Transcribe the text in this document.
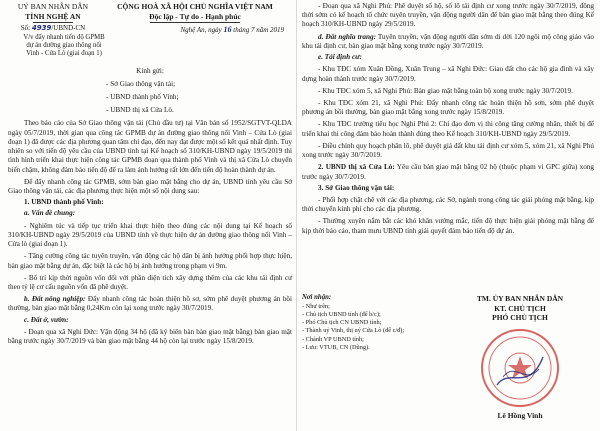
UỶ BAN NHÂN DÂN
TỈNH NGHỆ AN
Số: 4939/UBND-CN
V/v đẩy nhanh tiến độ GPMB
dự án đường giao thông nối
Vinh - Cửa Lò (giai đoạn 1)
CỘNG HOÀ XÃ HỘI CHỦ NGHĨA VIỆT NAM
Độc lập - Tự do - Hạnh phúc
Nghệ An, ngày 16 tháng 7 năm 2019
Kính gửi:

- Sở Giao thông vận tải;

- UBND thành phố Vinh;

- UBND thị xã Cửa Lò.

Theo báo cáo của Sở Giao thông vận tải (Chủ đầu tư) tại Văn bản số 1952/SGTVT-QLDA ngày 05/7/2019, thời gian qua công tác GPMB dự án đường giao thông nối Vinh – Cửa Lò (giai đoạn 1) đã được các địa phương quan tâm chỉ đạo, đến nay đạt được một số kết quả nhất định. Tuy nhiên so với tiến độ yêu cầu của UBND tỉnh tại Kế hoạch số 310/KH-UBND ngày 19/5/2019 thì tình hình triển khai thực hiện công tác GPMB đoạn qua thành phố Vinh và thị xã Cửa Lò chuyển biến chậm, không đảm bảo tiến độ để ra làm ảnh hưởng rất lớn đến tiến độ hoàn thành dự án.

Để đẩy nhanh công tác GPMB, sớm bàn giao mặt bằng cho dự án, UBND tỉnh yêu cầu Sở Giao thông vận tải, các địa phương thực hiện một số nội dung sau:

1. UBND thành phố Vinh:

a. Vấn đề chung:

- Nghiêm túc và tiếp tục triển khai thực hiện theo đúng các nội dung tại Kế hoạch số 310/KH-UBND ngày 29/5/2019 của UBND tỉnh về thực hiện dự án đường giao thông nối Vinh – Cửa lò (giai đoạn 1).

- Tăng cường công tác tuyên truyền, vận động các hộ dân bị ảnh hưởng phối hợp thực hiện, bàn giao mặt bằng dự án, đặc biệt là các hộ bị ảnh hưởng trong phạm vi 9m.

- Bố trí kịp thời nguồn vốn đối với phần diện tích xây dựng thêm của các khu tái định cư theo tỷ lệ cơ cấu nguồn vốn đã phê duyệt.

b. Đất nông nghiệp: Đẩy nhanh công tác hoàn thiện hồ sơ, sớm phê duyệt phương án bồi thường, bàn giao mặt bằng 0,24Km còn lại xong trước ngày 30/7/2019.

c. Đất ở, vườn:

- Đoạn qua xã Nghi Đức: Vận động 34 hộ (đã ký biên bàn bàn giao mặt bằng) bàn giao mặt bằng trước ngày 30/7/2019 và bàn giao mặt bằng 44 hộ còn lại trước ngày 15/8/2019.

- Đoạn qua xã Nghi Phú: Phê duyệt số hộ, số lô tái định cư xong trước ngày 30/7/2019, đồng thời sớm có kế hoạch tổ chức tuyên truyền, vận động người dân để bàn giao mặt bằng theo đúng Kế hoạch 310/KH-UBND ngày 29/5/2019.

d. Đất nghĩa trang: Tuyên truyền, vận động người dân sớm di dời 120 ngôi mộ công giáo vào khu tái định cư, bàn giao mặt bằng xong trước ngày 30/7/2019.

e. Tái định cư:

- Khu TĐC xóm Xuân Đồng, Xuân Trung – xã Nghi Đức: Giao đất cho các hộ gia đình và xây dựng hoàn thành trước ngày 30/7/2019.

- Khu TĐC xóm 5, xã Nghi Phú: Bàn giao mặt bằng toàn bộ xong trước ngày 30/7/2019.

- Khu TĐC xóm 21, xã Nghi Phú: Đẩy nhanh công tác hoàn thiện hồ sơn, sớm phê duyệt phương án bồi thường, bàn giao mặt bằng xong trước ngày 15/8/2019.

- Khu TĐC trường tiểu học Nghi Phú 2: Chỉ đạo đơn vị thi công tăng cường nhân, thiết bị để triển khai thi công đảm bảo hoàn thành đúng theo Kế hoạch 310/KH-UBND ngày 29/5/2019.

- Điều chỉnh quy hoạch phân lô, phê duyệt giá đất khu tái định cư xóm 5, xóm 21, xã Nghi Phú xong trước ngày 30/7/2019.

2. UBND thị xã Cửa Lò: Yêu cầu bàn giao mặt bằng 02 hộ (thuộc phạm vi GPC giữa) xong trước ngày 30/7/2019.

3. Sở Giao thông vận tải:

- Phối hợp chặt chẽ với các địa phương, các Sở, ngành trong công tác giải phóng mặt bằng, kịp thời chuyển kinh phí cho các địa phương.

- Thường xuyên nắm bắt các khó khăn vướng mắc, tiến độ thực hiện giải phóng mặt bằng để kịp thời báo cáo, tham mưu UBND tỉnh giải quyết đảm bảo tiến độ dự án.

Nơi nhận:
- Như trên;
- Chủ tịch UBND tỉnh (để b/c);
- Phó Chủ tịch CN UBND tỉnh;
- Thành uỷ Vinh, thị uỷ Cửa Lò (để c/đ);
- Chánh VP UBND tỉnh;
- Lưu: VTUB, CN (Dũng).
TM. ỦY BAN NHÂN DÂN
KT. CHỦ TỊCH
PHÓ CHỦ TỊCH
Lê Hồng Vinh
